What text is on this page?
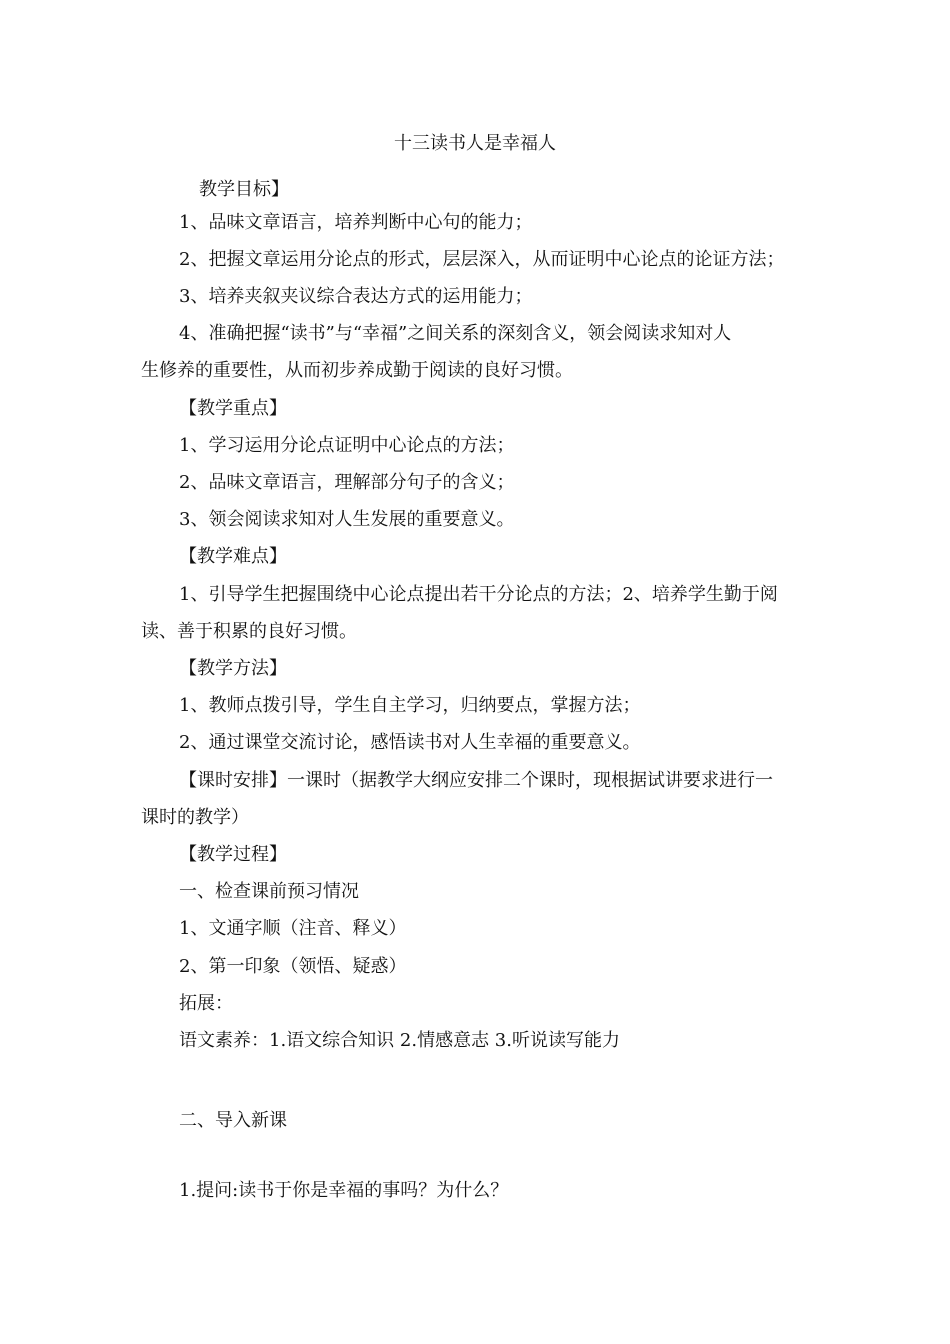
十三读书人是幸福人
教学目标】
1、品味文章语言，培养判断中心句的能力；
2、把握文章运用分论点的形式，层层深入，从而证明中心论点的论证方法；
3、培养夹叙夹议综合表达方式的运用能力；
4、准确把握“读书”与“幸福”之间关系的深刻含义，领会阅读求知对人
生修养的重要性，从而初步养成勤于阅读的良好习惯。
【教学重点】
1、学习运用分论点证明中心论点的方法；
2、品味文章语言，理解部分句子的含义；
3、领会阅读求知对人生发展的重要意义。
【教学难点】
1、引导学生把握围绕中心论点提出若干分论点的方法；2、培养学生勤于阅
读、善于积累的良好习惯。
【教学方法】
1、教师点拨引导，学生自主学习，归纳要点，掌握方法；
2、通过课堂交流讨论，感悟读书对人生幸福的重要意义。
【课时安排】一课时（据教学大纲应安排二个课时，现根据试讲要求进行一
课时的教学）
【教学过程】
一、检查课前预习情况
1、文通字顺（注音、释义）
2、第一印象（领悟、疑惑）
拓展：
语文素养：1.语文综合知识 2.情感意志 3.听说读写能力
二、导入新课
1.提问:读书于你是幸福的事吗？为什么？
